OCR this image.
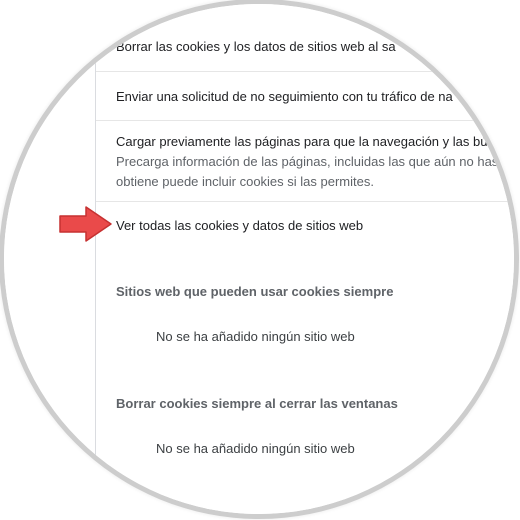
Borrar las cookies y los datos de sitios web al sa
Enviar una solicitud de no seguimiento con tu tráfico de na
Cargar previamente las páginas para que la navegación y las bú
Precarga información de las páginas, incluidas las que aún no has
obtiene puede incluir cookies si las permites.
Ver todas las cookies y datos de sitios web
Sitios web que pueden usar cookies siempre
No se ha añadido ningún sitio web
Borrar cookies siempre al cerrar las ventanas
No se ha añadido ningún sitio web
